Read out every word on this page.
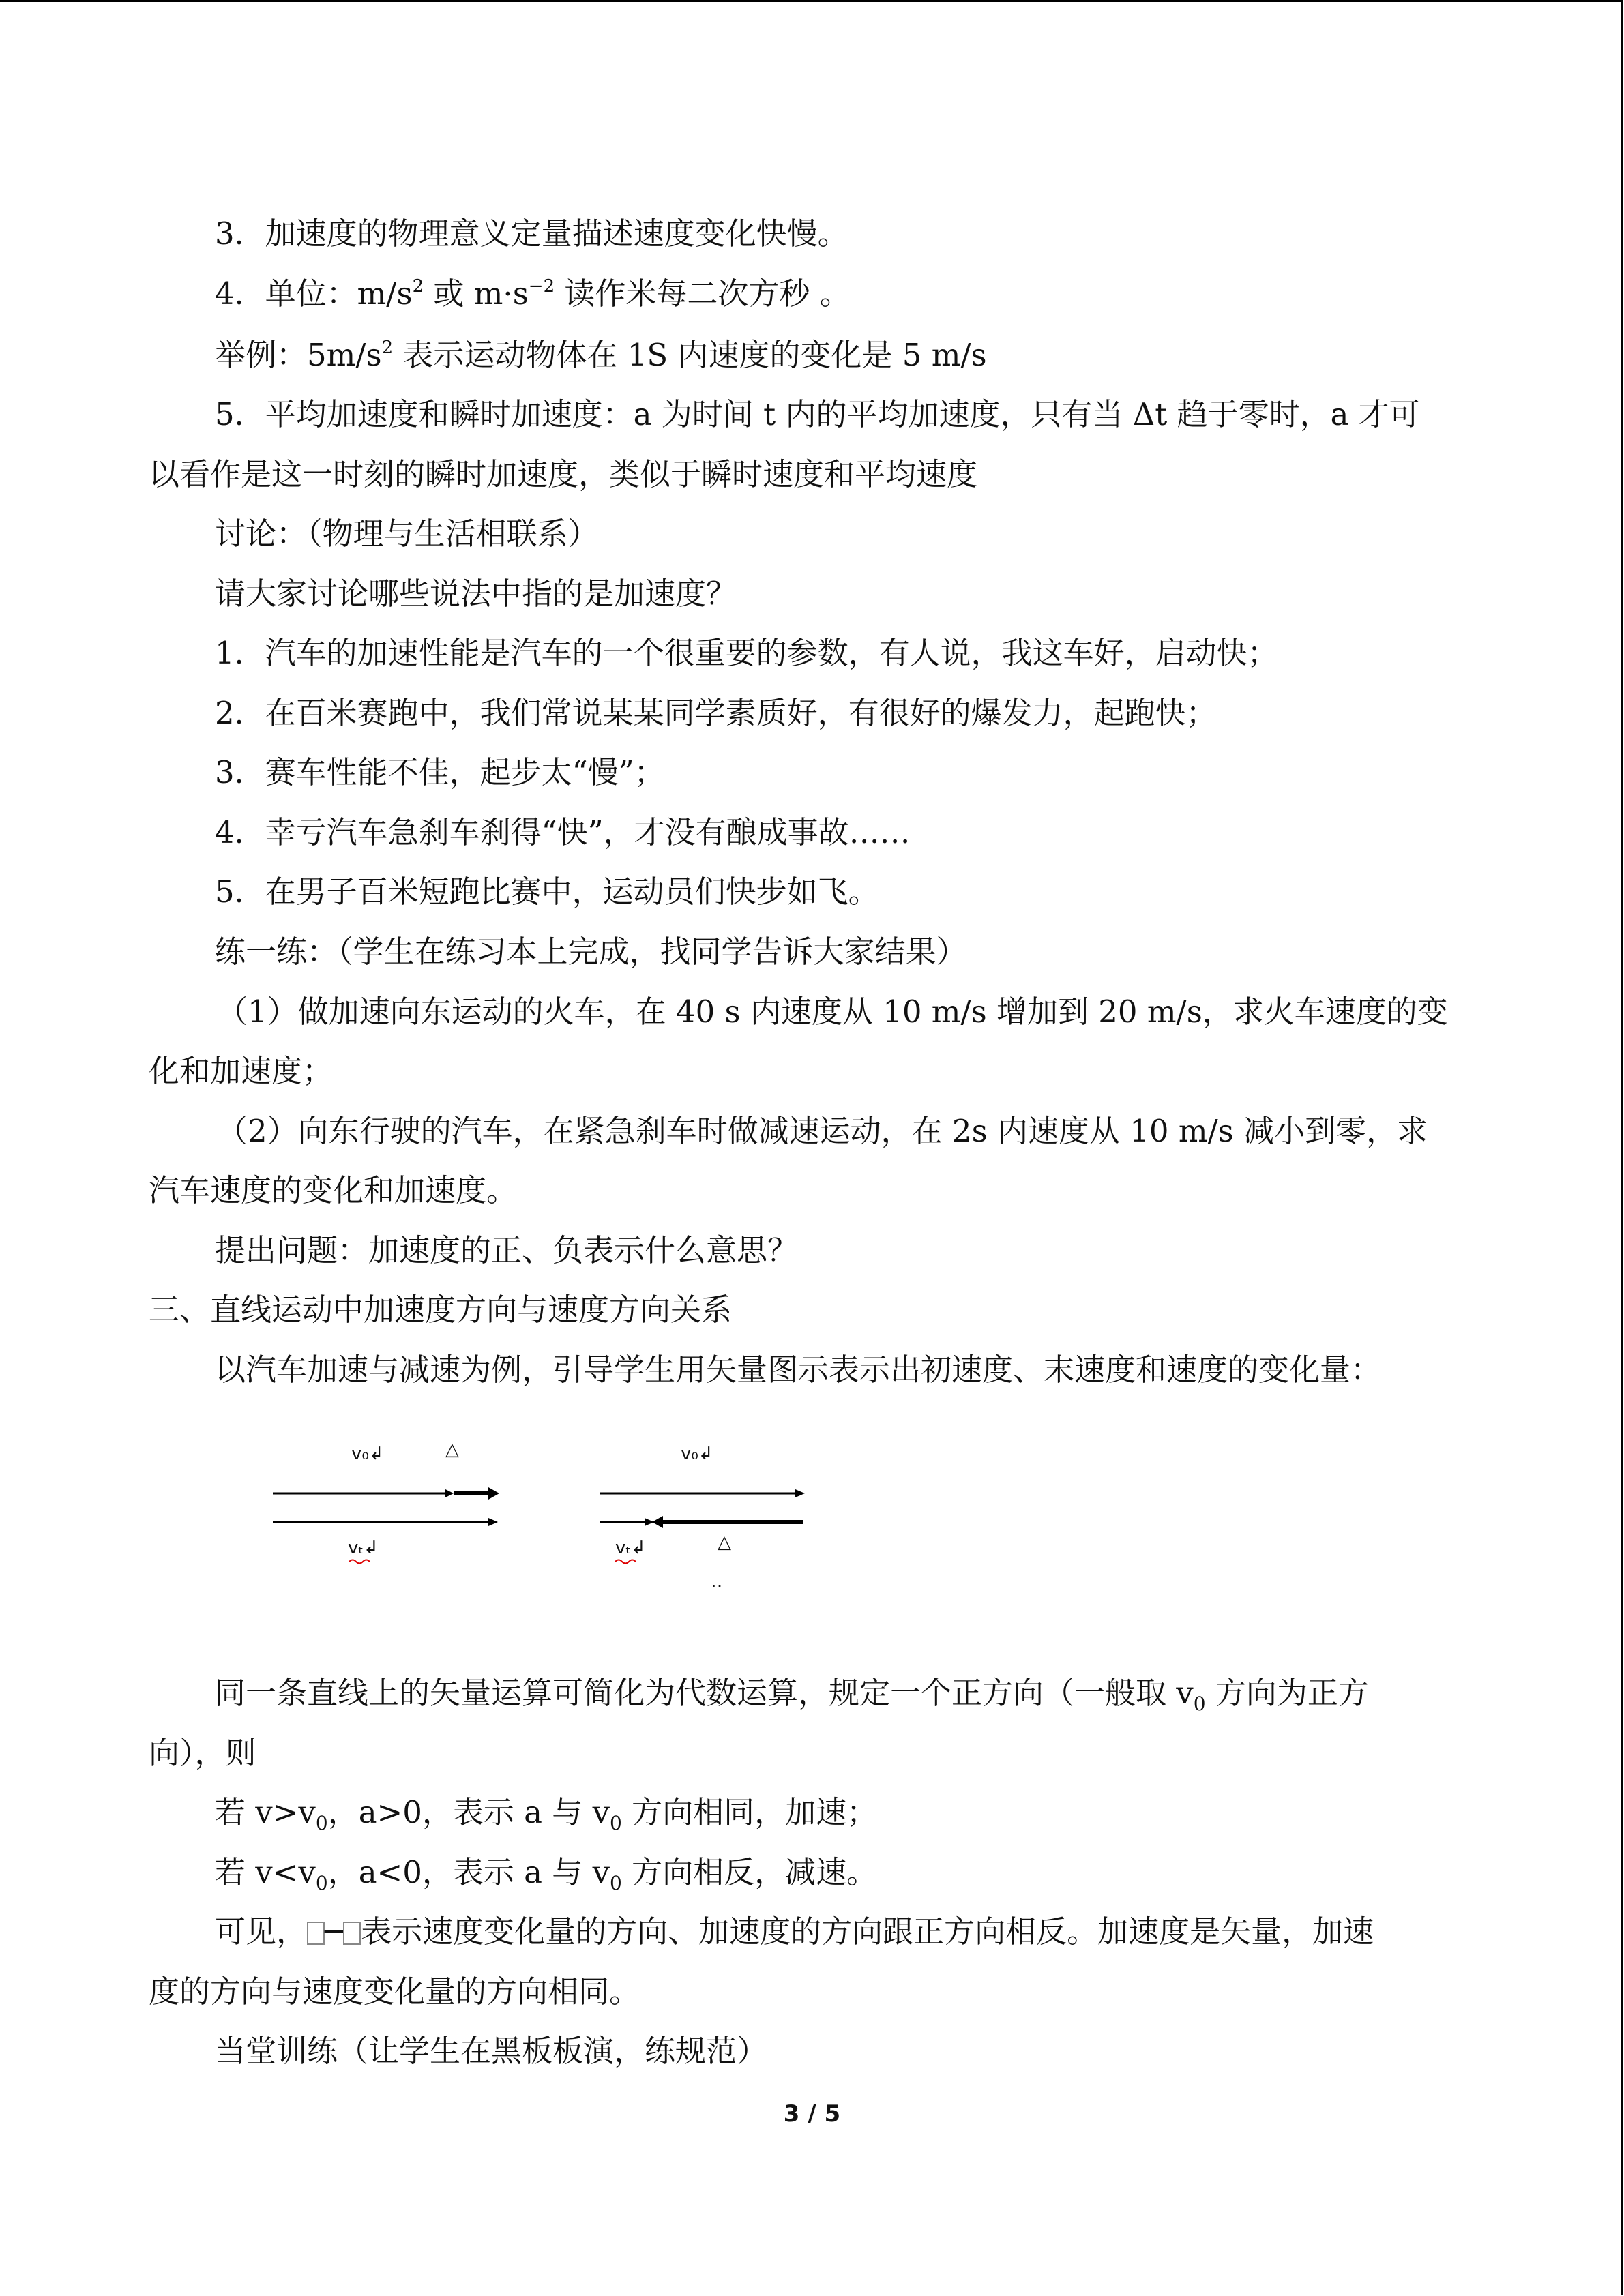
3．加速度的物理意义定量描述速度变化快慢。
4．单位：$m/s^2$ 或 $m\cdot s^{-2}$ 读作米每二次方秒 。
举例：$5m/s^2$ 表示运动物体在 1S 内速度的变化是 5 m/s
5．平均加速度和瞬时加速度：a 为时间 t 内的平均加速度，只有当 Δt 趋于零时，a 才可
以看作是这一时刻的瞬时加速度，类似于瞬时速度和平均速度
讨论：（物理与生活相联系）
请大家讨论哪些说法中指的是加速度？
1．汽车的加速性能是汽车的一个很重要的参数，有人说，我这车好，启动快；
2．在百米赛跑中，我们常说某某同学素质好，有很好的爆发力，起跑快；
3．赛车性能不佳，起步太“慢”；
4．幸亏汽车急刹车刹得“快”，才没有酿成事故……
5．在男子百米短跑比赛中，运动员们快步如飞。
练一练：（学生在练习本上完成，找同学告诉大家结果）
（1）做加速向东运动的火车，在 40 s 内速度从 10 m/s 增加到 20 m/s，求火车速度的变
化和加速度；
（2）向东行驶的汽车，在紧急刹车时做减速运动，在 2s 内速度从 10 m/s 减小到零，求
汽车速度的变化和加速度。
提出问题：加速度的正、负表示什么意思？
三、直线运动中加速度方向与速度方向关系
以汽车加速与减速为例，引导学生用矢量图示表示出初速度、末速度和速度的变化量：
v₀↲	△
vₜ↲
v₀↲
vₜ↲	△
‥
同一条直线上的矢量运算可简化为代数运算，规定一个正方向（一般取 $v_0$ 方向为正方
向），则
若 $v>v_0$，a>0，表示 a 与 $v_0$ 方向相同，加速；
若 $v<v_0$，a<0，表示 a 与 $v_0$ 方向相反，减速。
可见， ─ 表示速度变化量的方向、加速度的方向跟正方向相反。加速度是矢量，加速
度的方向与速度变化量的方向相同。
当堂训练（让学生在黑板板演，练规范）
3 / 5
